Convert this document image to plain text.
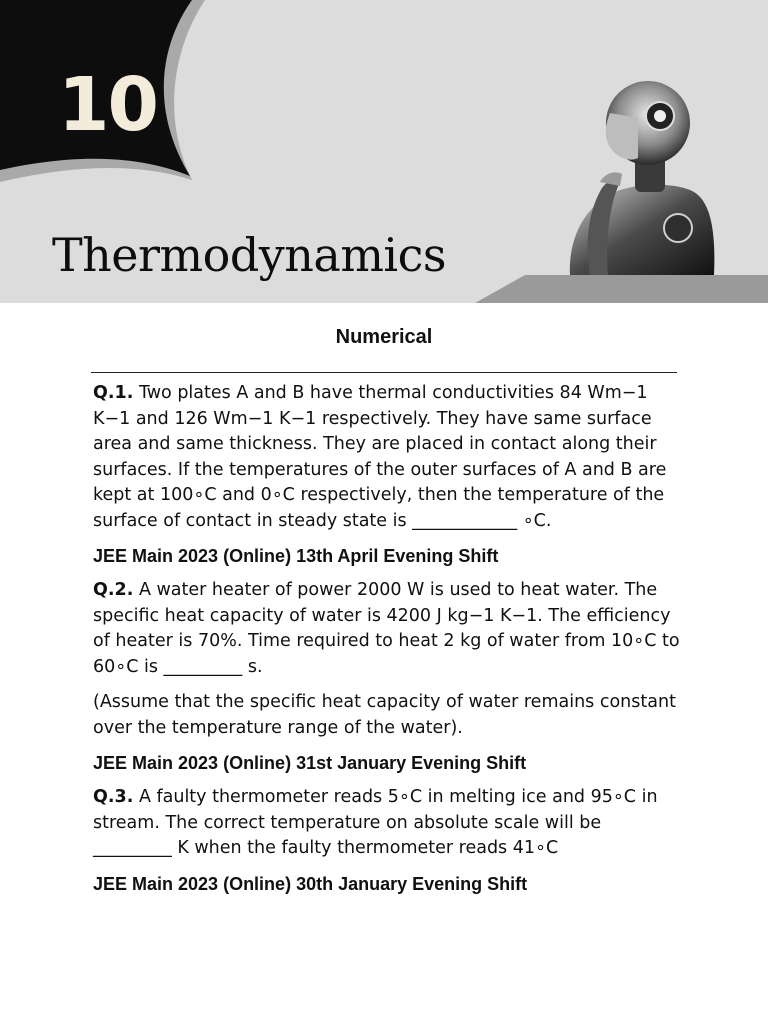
10
Thermodynamics
Numerical

Q.1. Two plates A and B have thermal conductivities 84 Wm−1 K−1 and 126 Wm−1 K−1 respectively. They have same surface area and same thickness. They are placed in contact along their surfaces. If the temperatures of the outer surfaces of A and B are kept at 100∘C and 0∘C respectively, then the temperature of the surface of contact in steady state is ____________ ∘C.

JEE Main 2023 (Online) 13th April Evening Shift

Q.2. A water heater of power 2000 W is used to heat water. The specific heat capacity of water is 4200 J kg−1 K−1. The efficiency of heater is 70%. Time required to heat 2 kg of water from 10∘C to 60∘C is _________ s.

(Assume that the specific heat capacity of water remains constant over the temperature range of the water).

JEE Main 2023 (Online) 31st January Evening Shift

Q.3. A faulty thermometer reads 5∘C in melting ice and 95∘C in stream. The correct temperature on absolute scale will be _________ K when the faulty thermometer reads 41∘C

JEE Main 2023 (Online) 30th January Evening Shift
